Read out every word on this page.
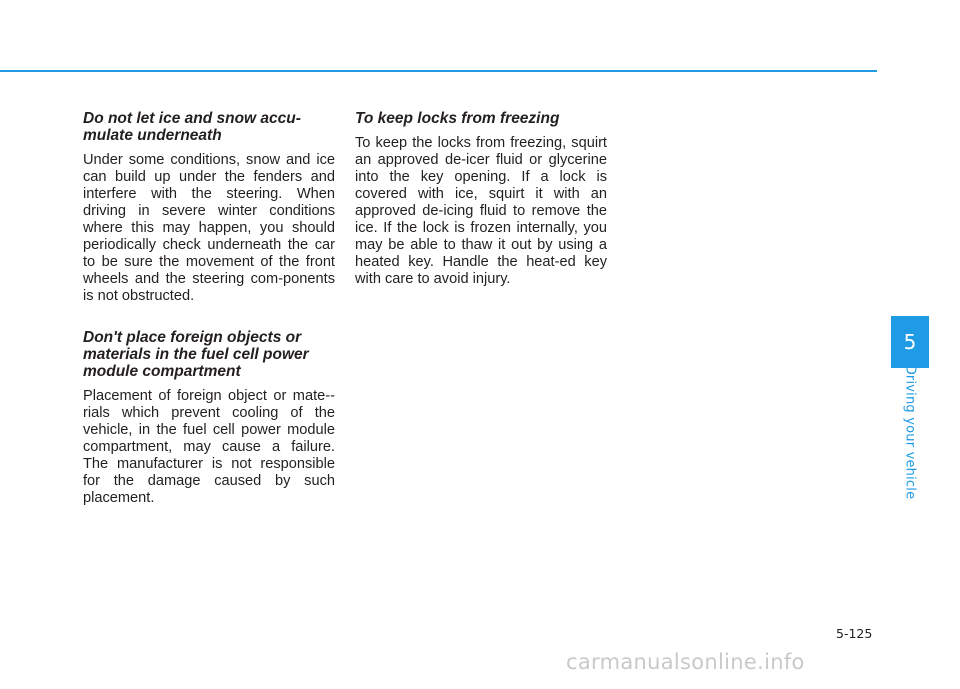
Do not let ice and snow accu-
mulate underneath

Under some conditions, snow and ice can build up under the fenders and interfere with the steering. When driving in severe winter conditions where this may happen, you should periodically check underneath the car to be sure the movement of the front wheels and the steering com-ponents is not obstructed.

Don't place foreign objects or materials in the fuel cell power module compartment

Placement of foreign object or mate-rials which prevent cooling of the vehicle, in the fuel cell power module compartment, may cause a failure. The manufacturer is not responsible for the damage caused by such placement.

To keep locks from freezing

To keep the locks from freezing, squirt an approved de-icer fluid or glycerine into the key opening. If a lock is covered with ice, squirt it with an approved de-icing fluid to remove the ice. If the lock is frozen internally, you may be able to thaw it out by using a heated key. Handle the heat-ed key with care to avoid injury.

5
Driving your vehicle
5-125
carmanualsonline.info
